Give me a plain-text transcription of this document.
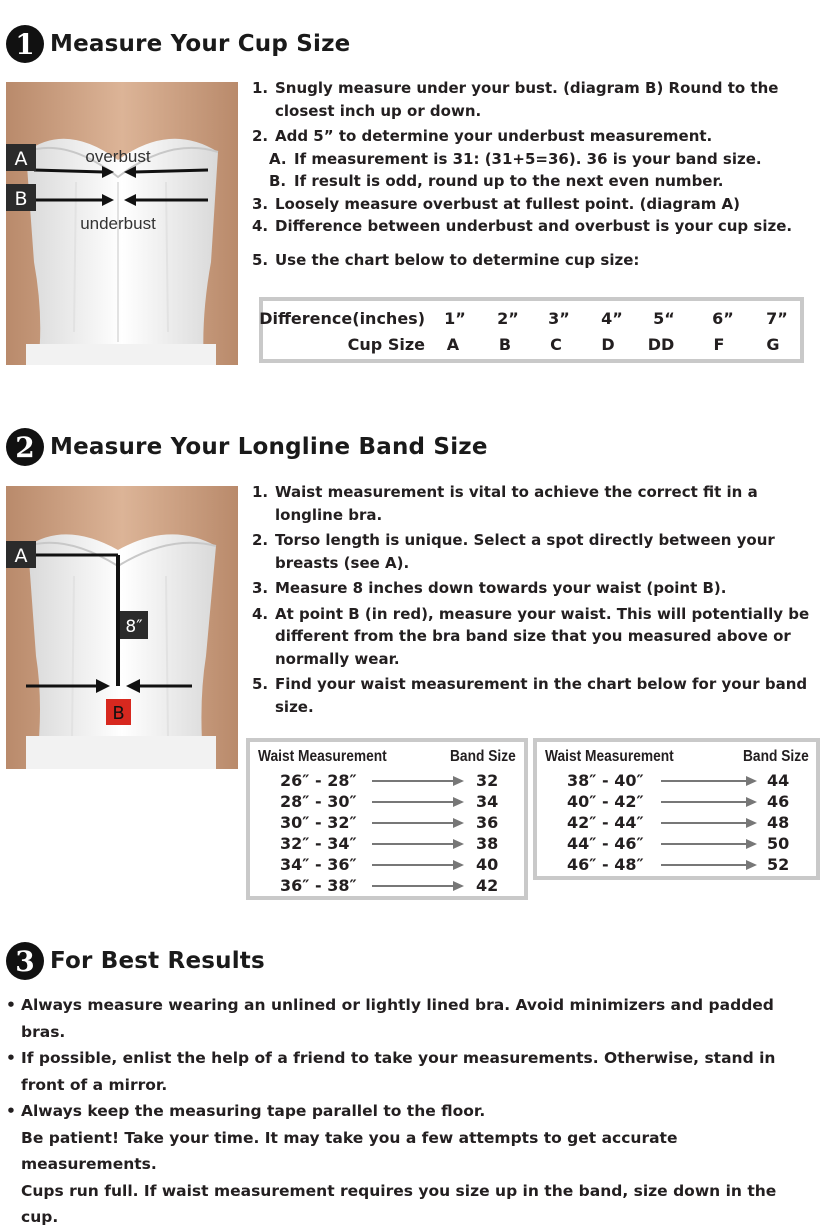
1 Measure Your Cup Size
A
B
overbust
underbust
1. Snugly measure under your bust. (diagram B) Round to the closest inch up or down.
2. Add 5” to determine your underbust measurement.
A. If measurement is 31: (31+5=36). 36 is your band size.
B. If result is odd, round up to the next even number.
3. Loosely measure overbust at fullest point. (diagram A)
4. Difference between underbust and overbust is your cup size.
5. Use the chart below to determine cup size:
Difference(inches)	1”	2”	3”	4”	5“	6”	7”
Cup Size	A	B	C	D	DD	F	G
2 Measure Your Longline Band Size
A
B
8″
1. Waist measurement is vital to achieve the correct fit in a longline bra.
2. Torso length is unique. Select a spot directly between your breasts (see A).
3. Measure 8 inches down towards your waist (point B).
4. At point B (in red), measure your waist. This will potentially be different from the bra band size that you measured above or normally wear.
5. Find your waist measurement in the chart below for your band size.
Waist Measurement	Band Size
26″ - 28″	32
28″ - 30″	34
30″ - 32″	36
32″ - 34″	38
34″ - 36″	40
36″ - 38″	42
Waist Measurement	Band Size
38″ - 40″	44
40″ - 42″	46
42″ - 44″	48
44″ - 46″	50
46″ - 48″	52
3 For Best Results
• Always measure wearing an unlined or lightly lined bra. Avoid minimizers and padded bras.
• If possible, enlist the help of a friend to take your measurements. Otherwise, stand in front of a mirror.
• Always keep the measuring tape parallel to the floor.
Be patient! Take your time. It may take you a few attempts to get accurate measurements.
Cups run full. If waist measurement requires you size up in the band, size down in the cup.
